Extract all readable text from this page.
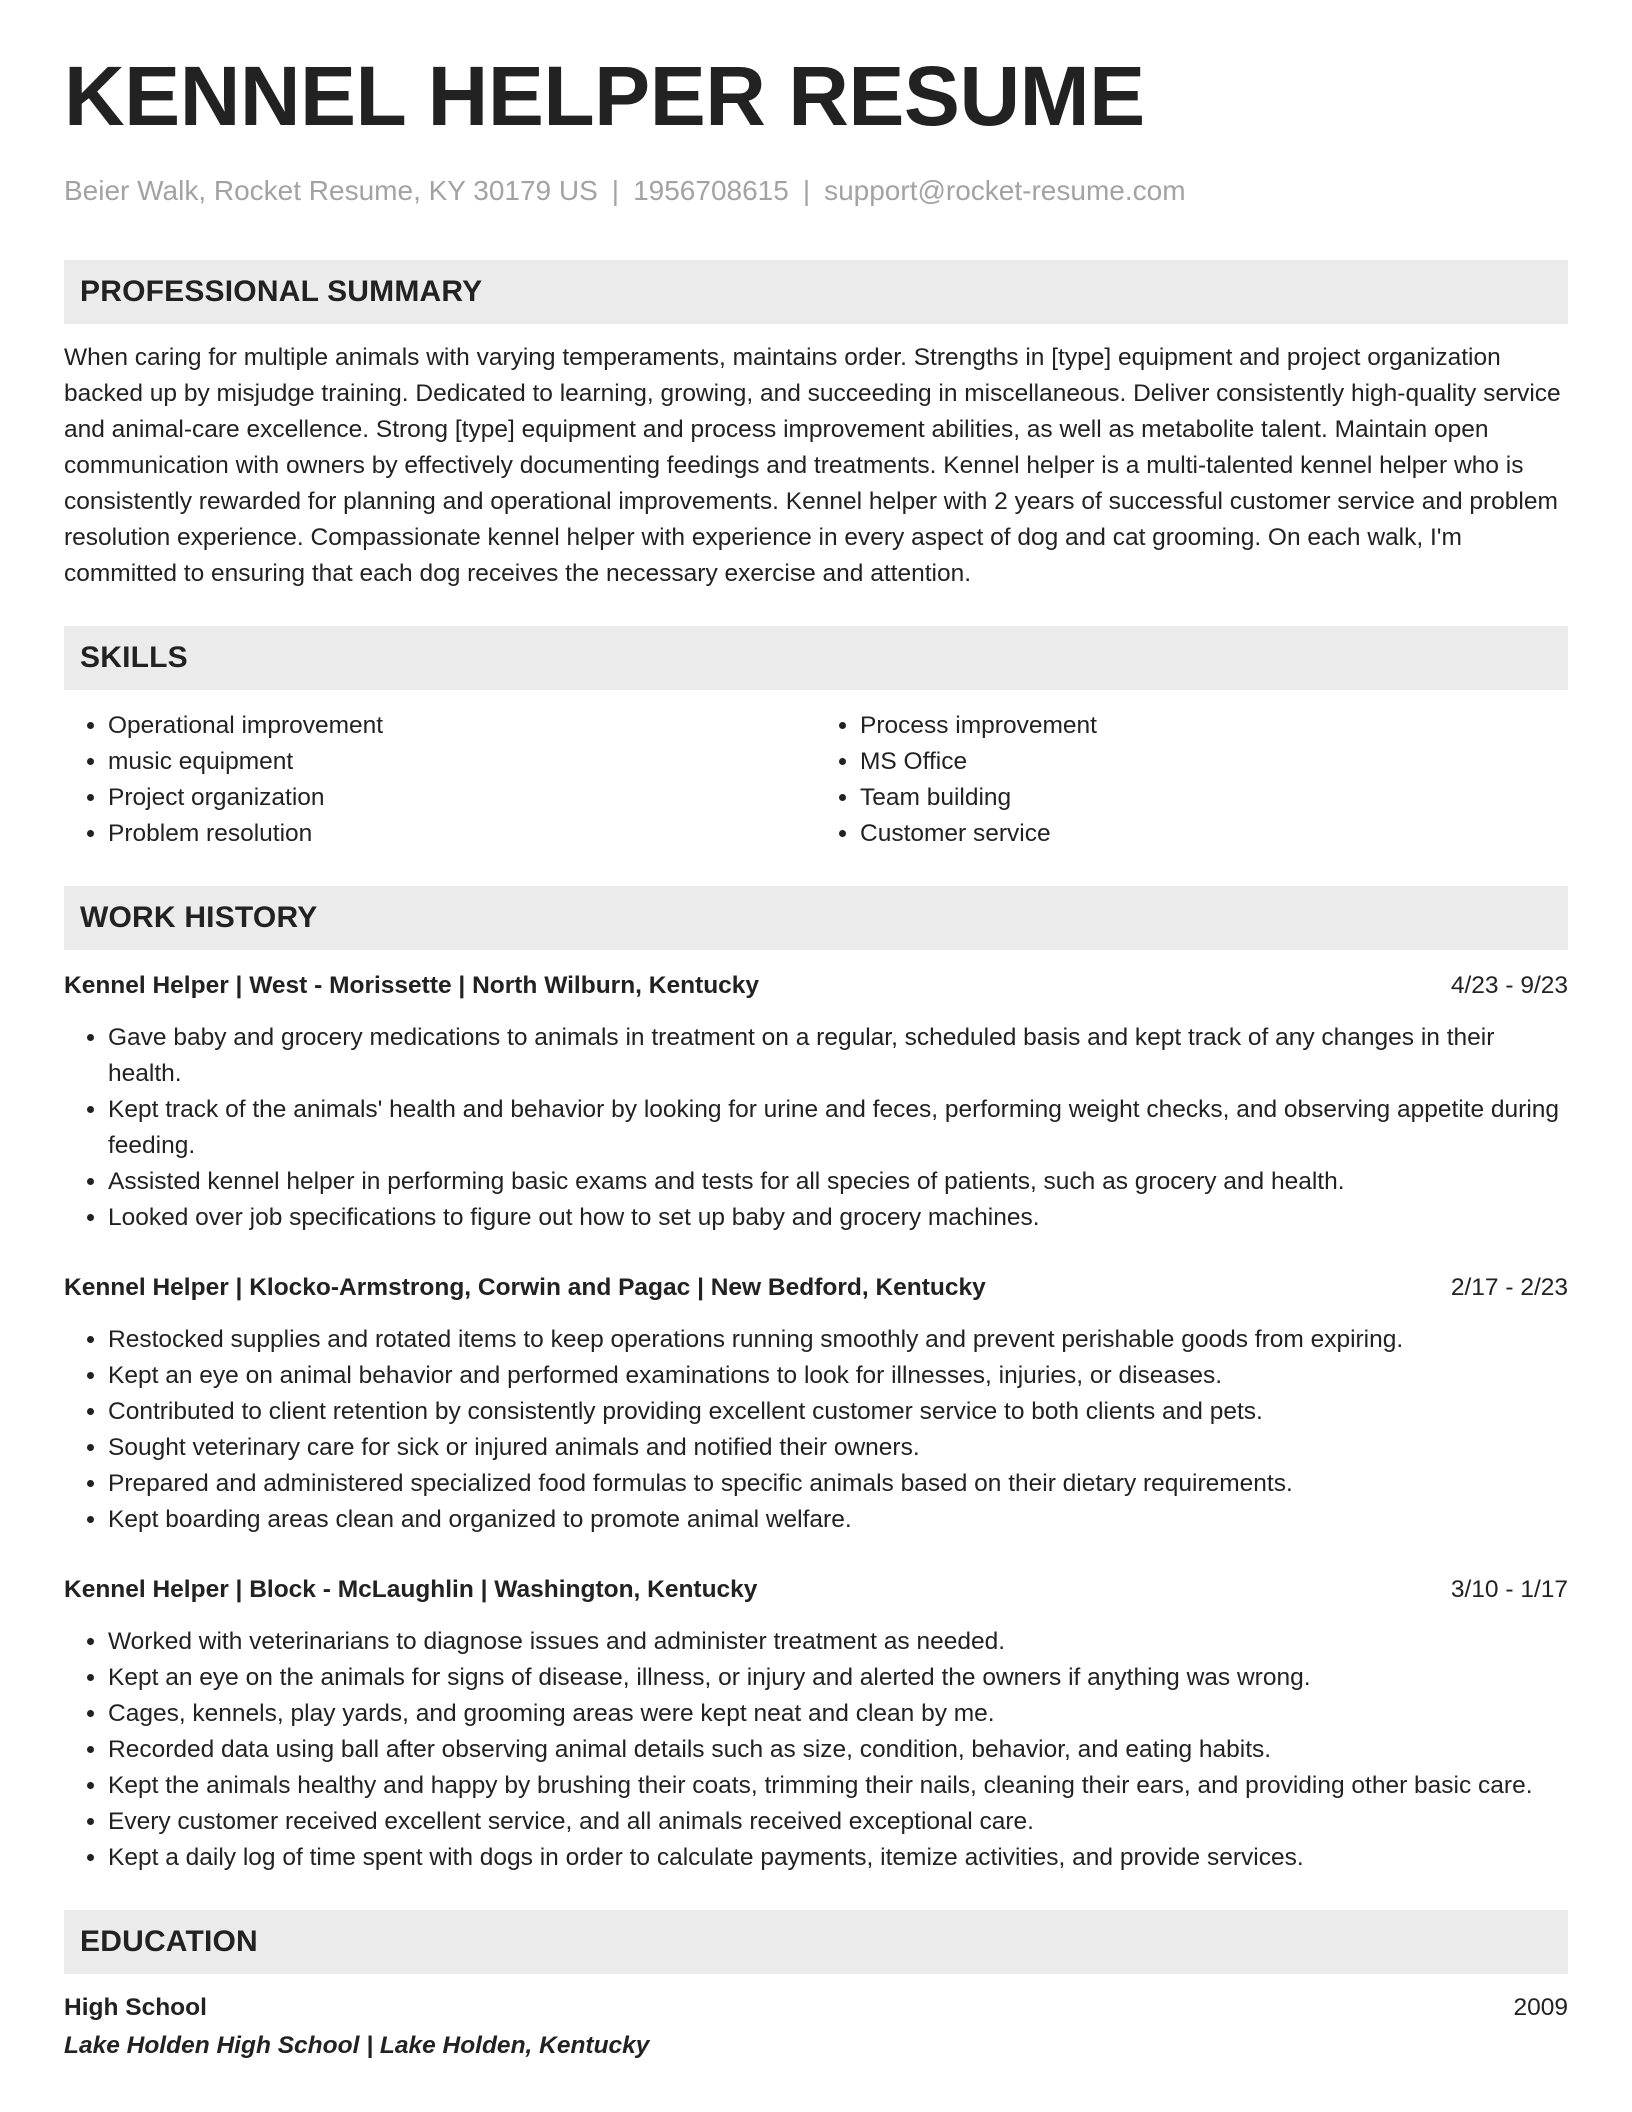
KENNEL HELPER RESUME
Beier Walk, Rocket Resume, KY 30179 US | 1956708615 | support@rocket-resume.com
PROFESSIONAL SUMMARY
When caring for multiple animals with varying temperaments, maintains order. Strengths in [type] equipment and project organization backed up by misjudge training. Dedicated to learning, growing, and succeeding in miscellaneous. Deliver consistently high-quality service and animal-care excellence. Strong [type] equipment and process improvement abilities, as well as metabolite talent. Maintain open communication with owners by effectively documenting feedings and treatments. Kennel helper is a multi-talented kennel helper who is consistently rewarded for planning and operational improvements. Kennel helper with 2 years of successful customer service and problem resolution experience. Compassionate kennel helper with experience in every aspect of dog and cat grooming. On each walk, I'm committed to ensuring that each dog receives the necessary exercise and attention.
SKILLS
• Operational improvement
• music equipment
• Project organization
• Problem resolution
• Process improvement
• MS Office
• Team building
• Customer service
WORK HISTORY
Kennel Helper | West - Morissette | North Wilburn, Kentucky	4/23 - 9/23
• Gave baby and grocery medications to animals in treatment on a regular, scheduled basis and kept track of any changes in their health.
• Kept track of the animals' health and behavior by looking for urine and feces, performing weight checks, and observing appetite during feeding.
• Assisted kennel helper in performing basic exams and tests for all species of patients, such as grocery and health.
• Looked over job specifications to figure out how to set up baby and grocery machines.
Kennel Helper | Klocko-Armstrong, Corwin and Pagac | New Bedford, Kentucky	2/17 - 2/23
• Restocked supplies and rotated items to keep operations running smoothly and prevent perishable goods from expiring.
• Kept an eye on animal behavior and performed examinations to look for illnesses, injuries, or diseases.
• Contributed to client retention by consistently providing excellent customer service to both clients and pets.
• Sought veterinary care for sick or injured animals and notified their owners.
• Prepared and administered specialized food formulas to specific animals based on their dietary requirements.
• Kept boarding areas clean and organized to promote animal welfare.
Kennel Helper | Block - McLaughlin | Washington, Kentucky	3/10 - 1/17
• Worked with veterinarians to diagnose issues and administer treatment as needed.
• Kept an eye on the animals for signs of disease, illness, or injury and alerted the owners if anything was wrong.
• Cages, kennels, play yards, and grooming areas were kept neat and clean by me.
• Recorded data using ball after observing animal details such as size, condition, behavior, and eating habits.
• Kept the animals healthy and happy by brushing their coats, trimming their nails, cleaning their ears, and providing other basic care.
• Every customer received excellent service, and all animals received exceptional care.
• Kept a daily log of time spent with dogs in order to calculate payments, itemize activities, and provide services.
EDUCATION
High School	2009
Lake Holden High School | Lake Holden, Kentucky
